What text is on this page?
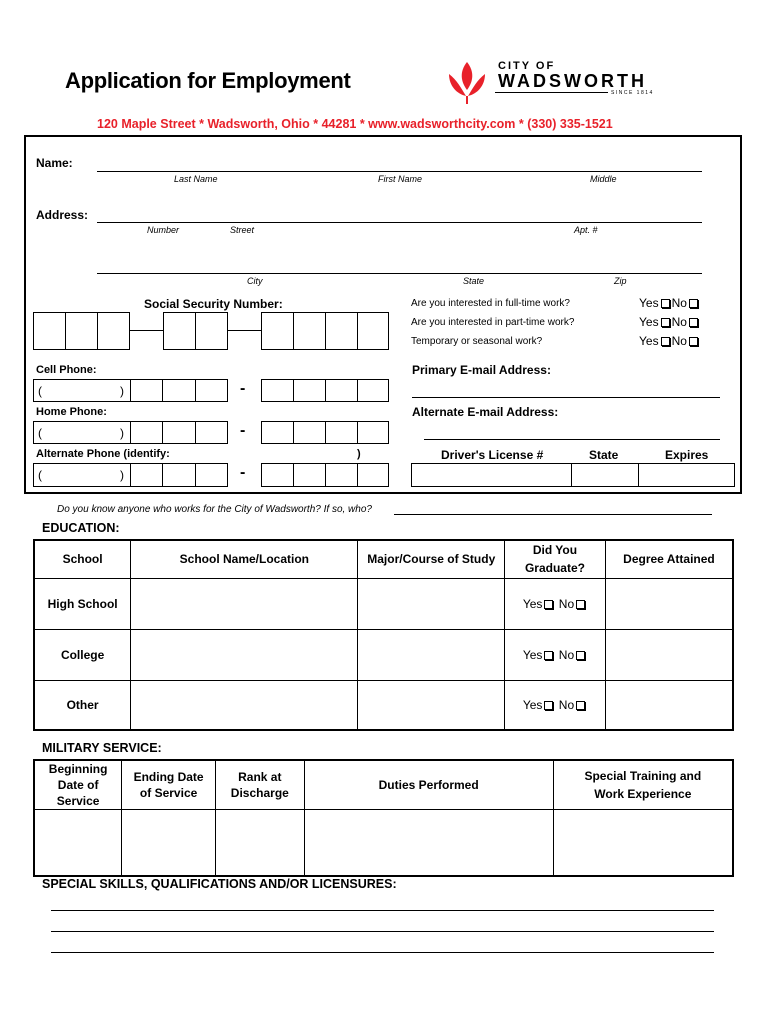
Application for Employment
CITY OF
WADSWORTH
SINCE 1814
120 Maple Street * Wadsworth, Ohio * 44281 * www.wadsworthcity.com * (330) 335-1521
Name:
Last Name	First Name	Middle
Address:
Number	Street	Apt. #
City	State	Zip
Social Security Number:	Are you interested in full-time work?	Yes No
Are you interested in part-time work?	Yes No
Temporary or seasonal work?	Yes No
Cell Phone:
(	)	-
Home Phone:
(	)	-
Alternate Phone (identify:	)
(	)	-
Primary E-mail Address:
Alternate E-mail Address:
Driver's License #	State	Expires
Do you know anyone who works for the City of Wadsworth? If so, who?
EDUCATION:
School	School Name/Location	Major/Course of Study	Did You Graduate?	Degree Attained
High School			Yes No	
College			Yes No	
Other			Yes No	
MILITARY SERVICE:
Beginning Date of Service	Ending Date of Service	Rank at Discharge	Duties Performed	Special Training and Work Experience

SPECIAL SKILLS, QUALIFICATIONS AND/OR LICENSURES:
